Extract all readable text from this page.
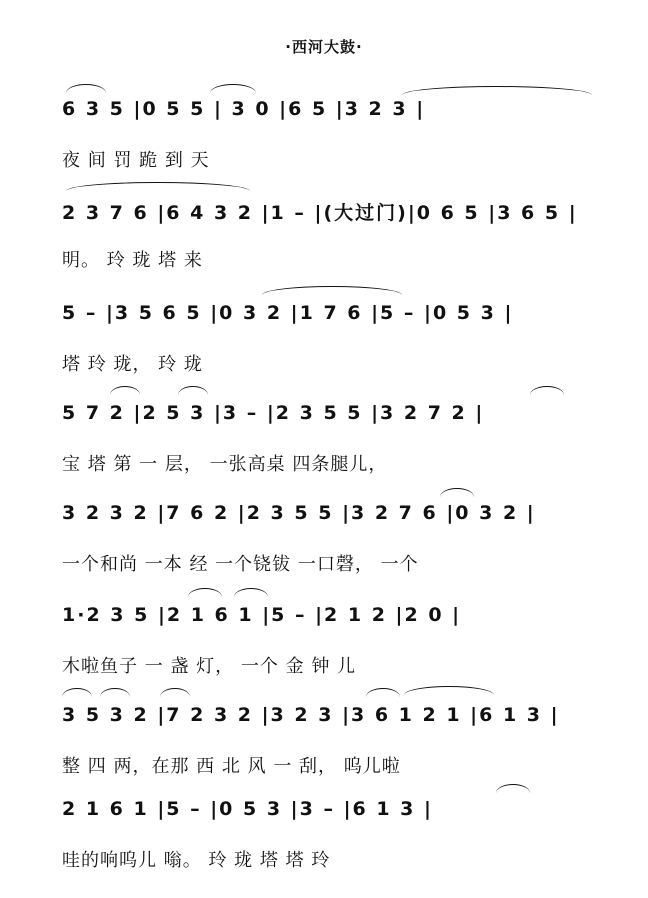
·西河大鼓·
6 3 5 |0 5 5 | 3 0 |6 5 |3 2 3 |
夜 间 罚 跪 到 天
2 3 7 6 |6 4 3 2 |1 – |(大过门)|0 6 5 |3 6 5 |
明。 玲 珑 塔 来
5 – |3 5 6 5 |0 3 2 |1 7 6 |5 – |0 5 3 |
塔 玲 珑， 玲 珑
5 7 2 |2 5 3 |3 – |2 3 5 5 |3 2 7 2 |
宝 塔 第 一 层， 一张高桌 四条腿儿，
3 2 3 2 |7 6 2 |2 3 5 5 |3 2 7 6 |0 3 2 |
一个和尚 一本 经 一个铙钹 一口磬， 一个
1·2 3 5 |2 1 6 1 |5 – |2 1 2 |2 0 |
木啦鱼子 一 盏 灯， 一个 金 钟 儿
3 5 3 2 |7 2 3 2 |3 2 3 |3 6 1 2 1 |6 1 3 |
整 四 两，在那 西 北 风 一 刮， 呜儿啦
2 1 6 1 |5 – |0 5 3 |3 – |6 1 3 |
哇的响呜儿 嗡。 玲 珑 塔 塔 玲
